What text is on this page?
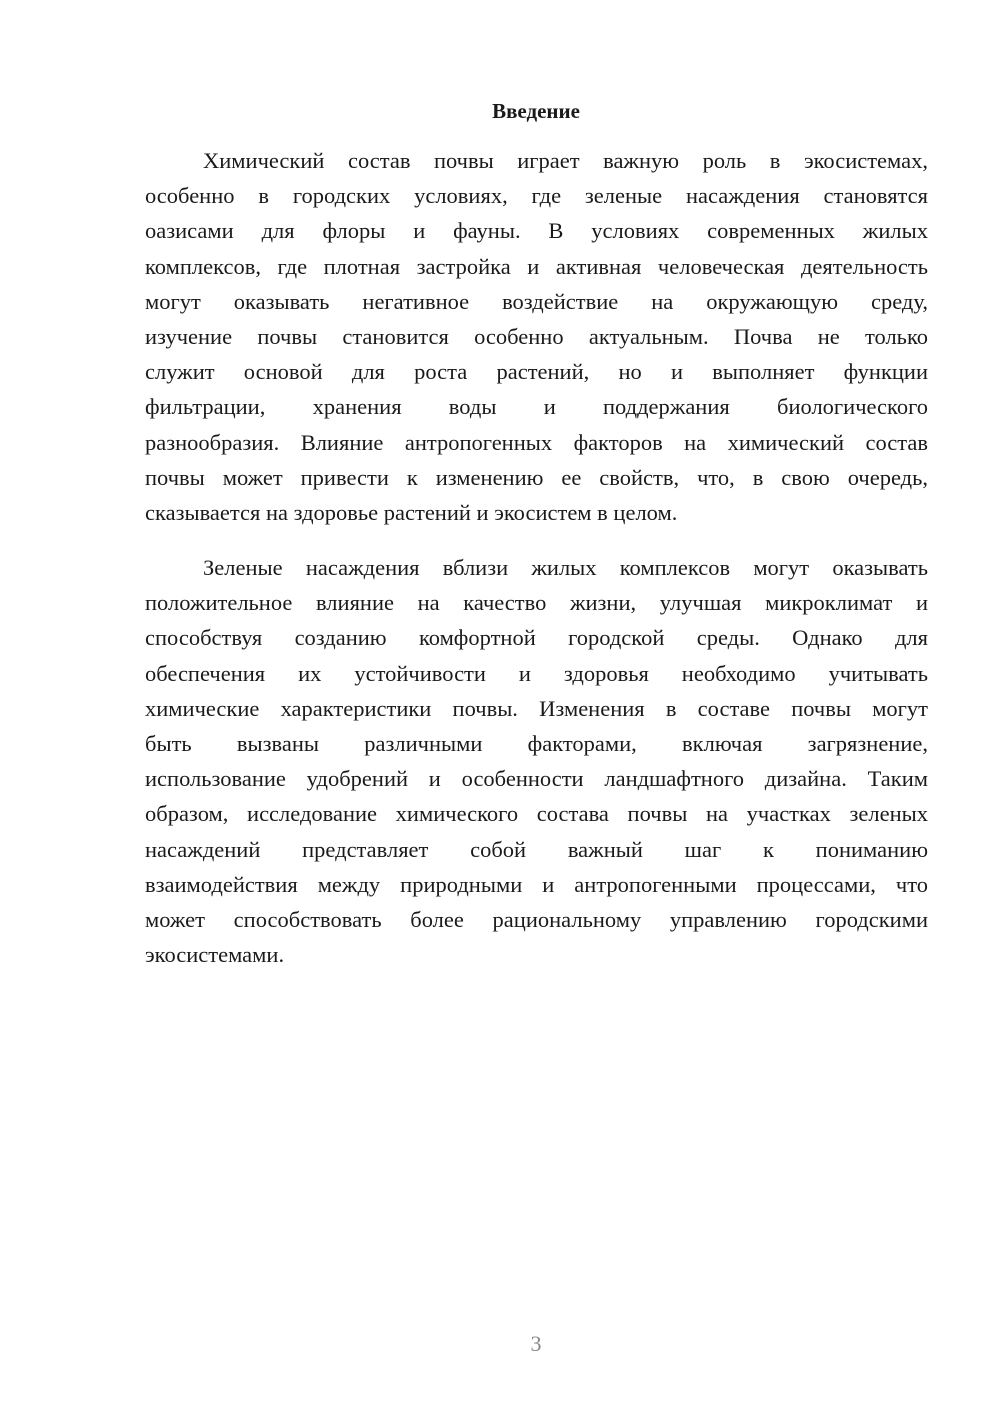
Введение
Химический состав почвы играет важную роль в экосистемах,
особенно в городских условиях, где зеленые насаждения становятся
оазисами для флоры и фауны. В условиях современных жилых
комплексов, где плотная застройка и активная человеческая деятельность
могут оказывать негативное воздействие на окружающую среду,
изучение почвы становится особенно актуальным. Почва не только
служит основой для роста растений, но и выполняет функции
фильтрации, хранения воды и поддержания биологического
разнообразия. Влияние антропогенных факторов на химический состав
почвы может привести к изменению ее свойств, что, в свою очередь,
сказывается на здоровье растений и экосистем в целом.
Зеленые насаждения вблизи жилых комплексов могут оказывать
положительное влияние на качество жизни, улучшая микроклимат и
способствуя созданию комфортной городской среды. Однако для
обеспечения их устойчивости и здоровья необходимо учитывать
химические характеристики почвы. Изменения в составе почвы могут
быть вызваны различными факторами, включая загрязнение,
использование удобрений и особенности ландшафтного дизайна. Таким
образом, исследование химического состава почвы на участках зеленых
насаждений представляет собой важный шаг к пониманию
взаимодействия между природными и антропогенными процессами, что
может способствовать более рациональному управлению городскими
экосистемами.
3
